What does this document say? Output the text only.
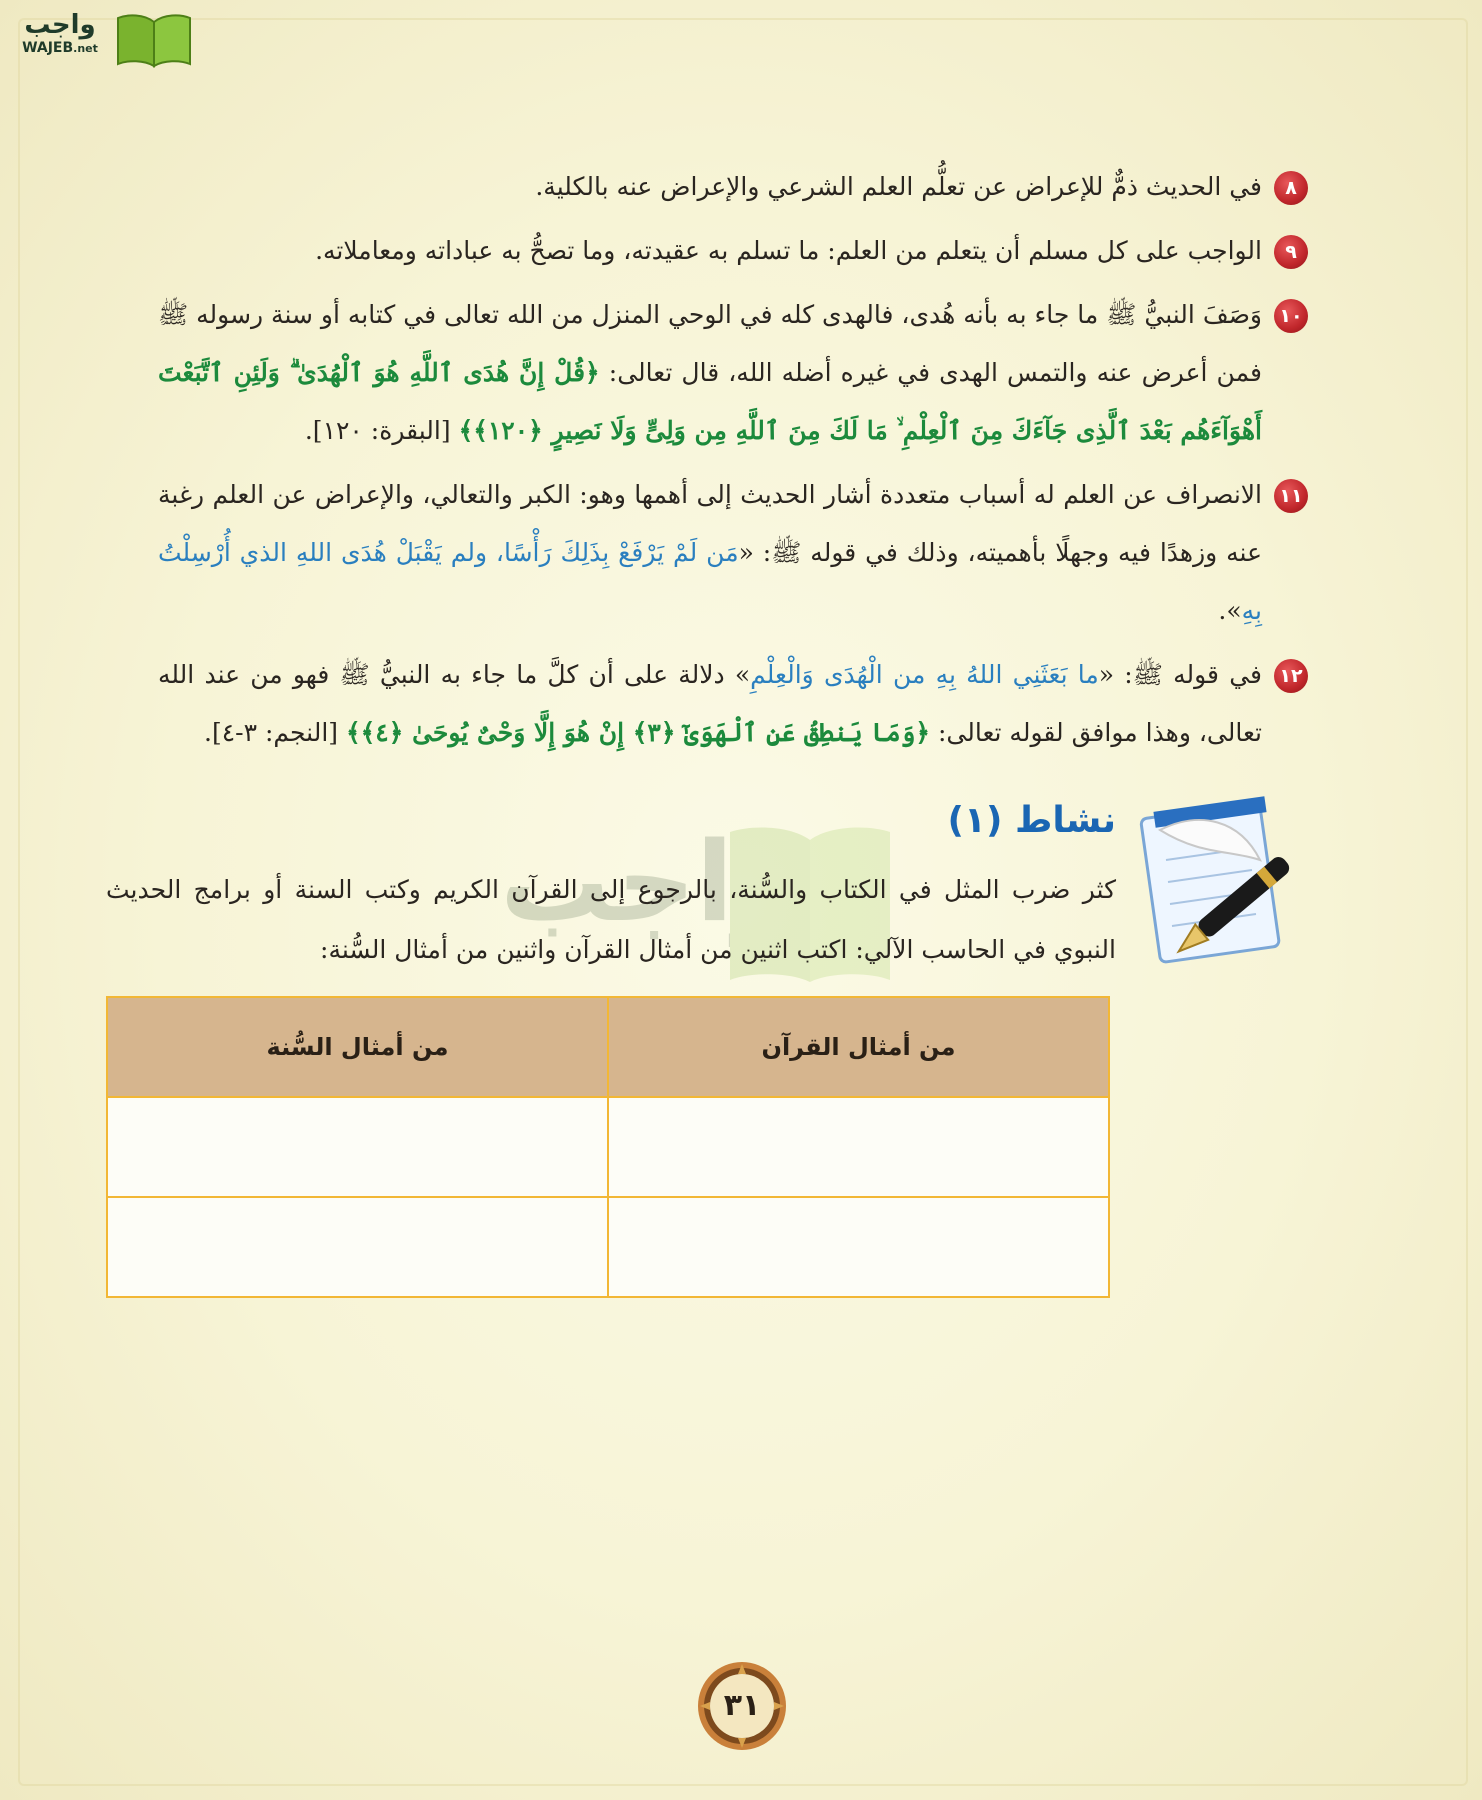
واجب
WAJEB.net
٨

في الحديث ذمٌّ للإعراض عن تعلُّم العلم الشرعي والإعراض عنه بالكلية.

٩

الواجب على كل مسلم أن يتعلم من العلم: ما تسلم به عقيدته، وما تصحُّ به عباداته ومعاملاته.

١٠

وَصَفَ النبيُّ ﷺ ما جاء به بأنه هُدى، فالهدى كله في الوحي المنزل من الله تعالى في كتابه أو سنة رسوله ﷺ فمن أعرض عنه والتمس الهدى في غيره أضله الله، قال تعالى: ﴿قُلْ إِنَّ هُدَى ٱللَّهِ هُوَ ٱلْهُدَىٰ ۗ وَلَئِنِ ٱتَّبَعْتَ أَهْوَآءَهُم بَعْدَ ٱلَّذِى جَآءَكَ مِنَ ٱلْعِلْمِ ۙ مَا لَكَ مِنَ ٱللَّهِ مِن وَلِىٍّ وَلَا نَصِيرٍ ﴿١٢٠﴾﴾ [البقرة: ١٢٠].

١١

الانصراف عن العلم له أسباب متعددة أشار الحديث إلى أهمها وهو: الكبر والتعالي، والإعراض عن العلم رغبة عنه وزهدًا فيه وجهلًا بأهميته، وذلك في قوله ﷺ: «مَن لَمْ يَرْفَعْ بِذَلِكَ رَأْسًا، ولم يَقْبَلْ هُدَى اللهِ الذي أُرْسِلْتُ بِهِ».

١٢

في قوله ﷺ: «ما بَعَثَنِي اللهُ بِهِ من الْهُدَى وَالْعِلْمِ» دلالة على أن كلَّ ما جاء به النبيُّ ﷺ فهو من عند الله تعالى، وهذا موافق لقوله تعالى: ﴿وَمَا يَنطِقُ عَنِ ٱلْهَوَىٰٓ ﴿٣﴾ إِنْ هُوَ إِلَّا وَحْىٌ يُوحَىٰ ﴿٤﴾﴾ [النجم: ٣-٤].

واجب	نشاط (١)
كثر ضرب المثل في الكتاب والسُّنة، بالرجوع إلى القرآن الكريم وكتب السنة أو برامج الحديث النبوي في الحاسب الآلي: اكتب اثنين من أمثال القرآن واثنين من أمثال السُّنة:
من أمثال القرآن	من أمثال السُّنة

٣١
